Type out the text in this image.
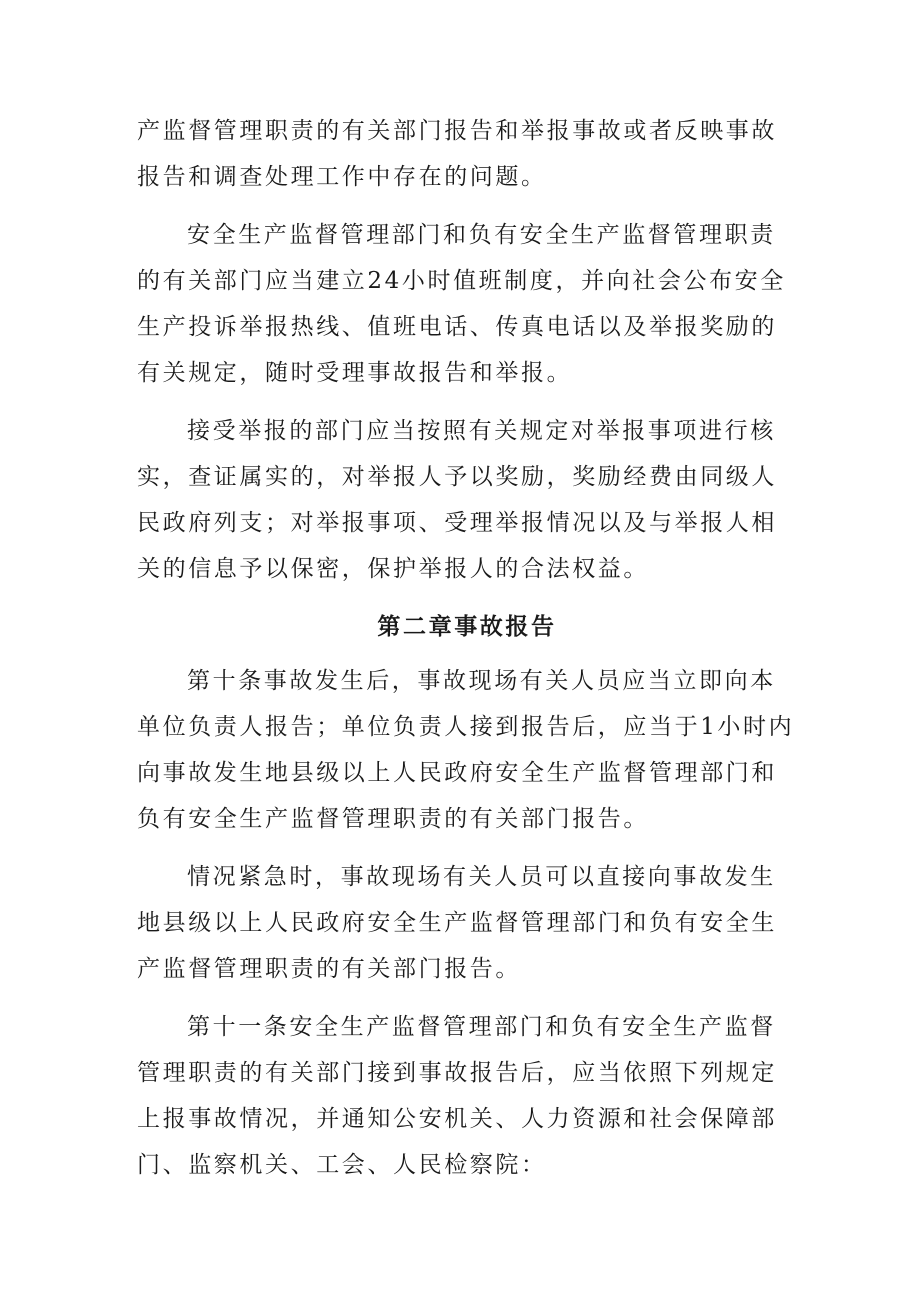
产监督管理职责的有关部门报告和举报事故或者反映事故报告和调查处理工作中存在的问题。

安全生产监督管理部门和负有安全生产监督管理职责的有关部门应当建立24小时值班制度，并向社会公布安全生产投诉举报热线、值班电话、传真电话以及举报奖励的有关规定，随时受理事故报告和举报。

接受举报的部门应当按照有关规定对举报事项进行核实，查证属实的，对举报人予以奖励，奖励经费由同级人民政府列支；对举报事项、受理举报情况以及与举报人相关的信息予以保密，保护举报人的合法权益。

第二章事故报告

第十条事故发生后，事故现场有关人员应当立即向本单位负责人报告；单位负责人接到报告后，应当于1小时内向事故发生地县级以上人民政府安全生产监督管理部门和负有安全生产监督管理职责的有关部门报告。

情况紧急时，事故现场有关人员可以直接向事故发生地县级以上人民政府安全生产监督管理部门和负有安全生产监督管理职责的有关部门报告。

第十一条安全生产监督管理部门和负有安全生产监督管理职责的有关部门接到事故报告后，应当依照下列规定上报事故情况，并通知公安机关、人力资源和社会保障部门、监察机关、工会、人民检察院：
